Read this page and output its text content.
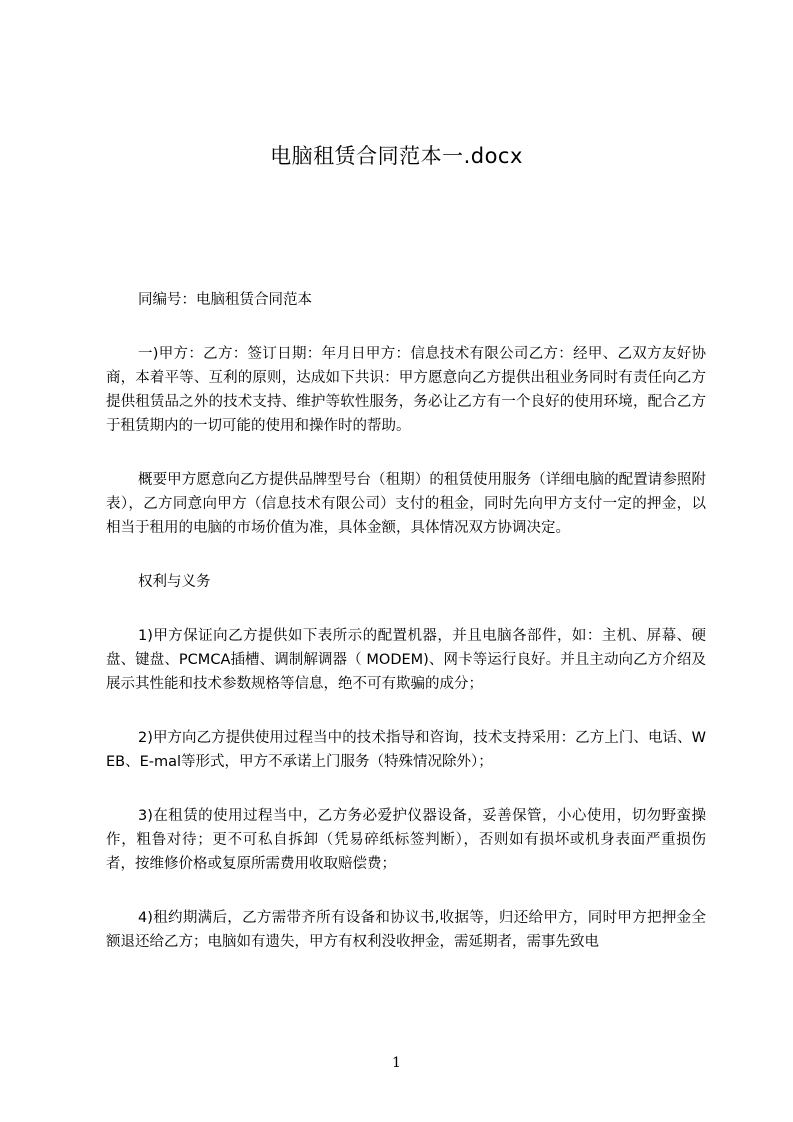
电脑租赁合同范本一.docx

同编号：电脑租赁合同范本

一)甲方：乙方：签订日期：年月日甲方：信息技术有限公司乙方：经甲、乙双方友好协商，本着平等、互利的原则，达成如下共识：甲方愿意向乙方提供出租业务同时有责任向乙方提供租赁品之外的技术支持、维护等软性服务，务必让乙方有一个良好的使用环境，配合乙方于租赁期内的一切可能的使用和操作时的帮助。

概要甲方愿意向乙方提供品牌型号台（租期）的租赁使用服务（详细电脑的配置请参照附表），乙方同意向甲方（信息技术有限公司）支付的租金，同时先向甲方支付一定的押金，以相当于租用的电脑的市场价值为准，具体金额，具体情况双方协调决定。

权利与义务

1)甲方保证向乙方提供如下表所示的配置机器，并且电脑各部件，如：主机、屏幕、硬盘、键盘、PCMCA插槽、调制解调器（ MODEM)、网卡等运行良好。并且主动向乙方介绍及展示其性能和技术参数规格等信息，绝不可有欺骗的成分；

2)甲方向乙方提供使用过程当中的技术指导和咨询，技术支持采用：乙方上门、电话、WEB、E-mal等形式，甲方不承诺上门服务（特殊情况除外）；

3)在租赁的使用过程当中，乙方务必爱护仪器设备，妥善保管，小心使用，切勿野蛮操作，粗鲁对待；更不可私自拆卸（凭易碎纸标签判断），否则如有损坏或机身表面严重损伤者，按维修价格或复原所需费用收取赔偿费；

4)租约期满后，乙方需带齐所有设备和协议书,收据等，归还给甲方，同时甲方把押金全额退还给乙方；电脑如有遗失，甲方有权利没收押金，需延期者，需事先致电

1
